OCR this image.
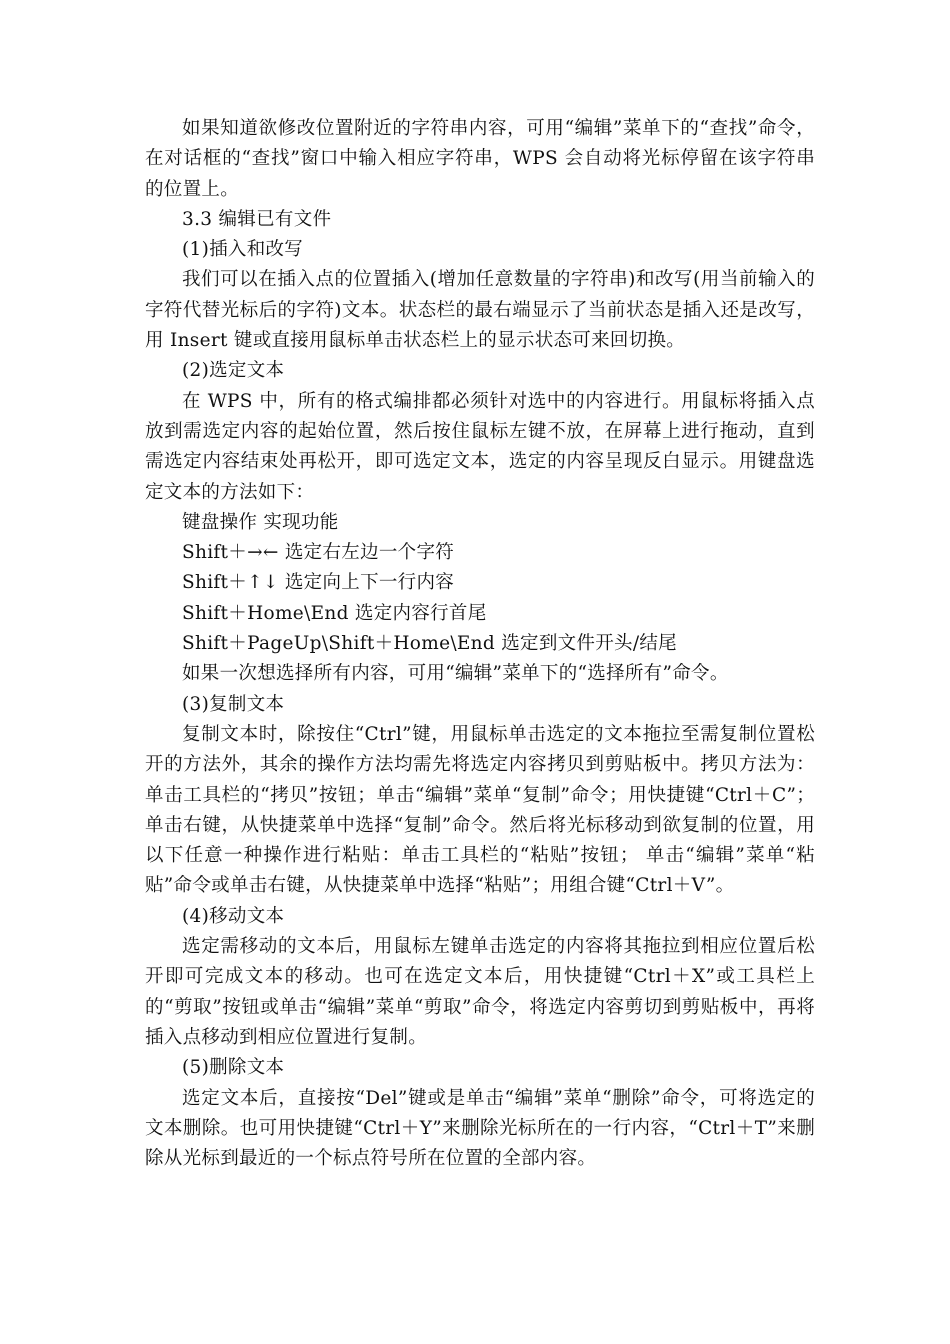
如果知道欲修改位置附近的字符串内容，可用“编辑”菜单下的“查找”命令，在对话框的“查找”窗口中输入相应字符串，WPS 会自动将光标停留在该字符串的位置上。

3.3 编辑已有文件

(1)插入和改写

我们可以在插入点的位置插入(增加任意数量的字符串)和改写(用当前输入的字符代替光标后的字符)文本。状态栏的最右端显示了当前状态是插入还是改写，用 Insert 键或直接用鼠标单击状态栏上的显示状态可来回切换。

(2)选定文本

在 WPS 中，所有的格式编排都必须针对选中的内容进行。用鼠标将插入点放到需选定内容的起始位置，然后按住鼠标左键不放，在屏幕上进行拖动，直到需选定内容结束处再松开，即可选定文本，选定的内容呈现反白显示。用键盘选定文本的方法如下：

键盘操作 实现功能

Shift＋→← 选定右左边一个字符

Shift＋↑↓ 选定向上下一行内容

Shift＋Home\End 选定内容行首尾

Shift＋PageUp\Shift＋Home\End 选定到文件开头/结尾

如果一次想选择所有内容，可用“编辑”菜单下的“选择所有”命令。

(3)复制文本

复制文本时，除按住“Ctrl”键，用鼠标单击选定的文本拖拉至需复制位置松开的方法外，其余的操作方法均需先将选定内容拷贝到剪贴板中。拷贝方法为：单击工具栏的“拷贝”按钮；单击“编辑”菜单“复制”命令；用快捷键“Ctrl＋C”；单击右键，从快捷菜单中选择“复制”命令。然后将光标移动到欲复制的位置，用以下任意一种操作进行粘贴：单击工具栏的“粘贴”按钮； 单击“编辑”菜单“粘贴”命令或单击右键，从快捷菜单中选择“粘贴”；用组合键“Ctrl＋V”。

(4)移动文本

选定需移动的文本后，用鼠标左键单击选定的内容将其拖拉到相应位置后松开即可完成文本的移动。也可在选定文本后，用快捷键“Ctrl＋X”或工具栏上的“剪取”按钮或单击“编辑”菜单“剪取”命令，将选定内容剪切到剪贴板中，再将插入点移动到相应位置进行复制。

(5)删除文本

选定文本后，直接按“Del”键或是单击“编辑”菜单“删除”命令，可将选定的文本删除。也可用快捷键“Ctrl＋Y”来删除光标所在的一行内容，“Ctrl＋T”来删除从光标到最近的一个标点符号所在位置的全部内容。
